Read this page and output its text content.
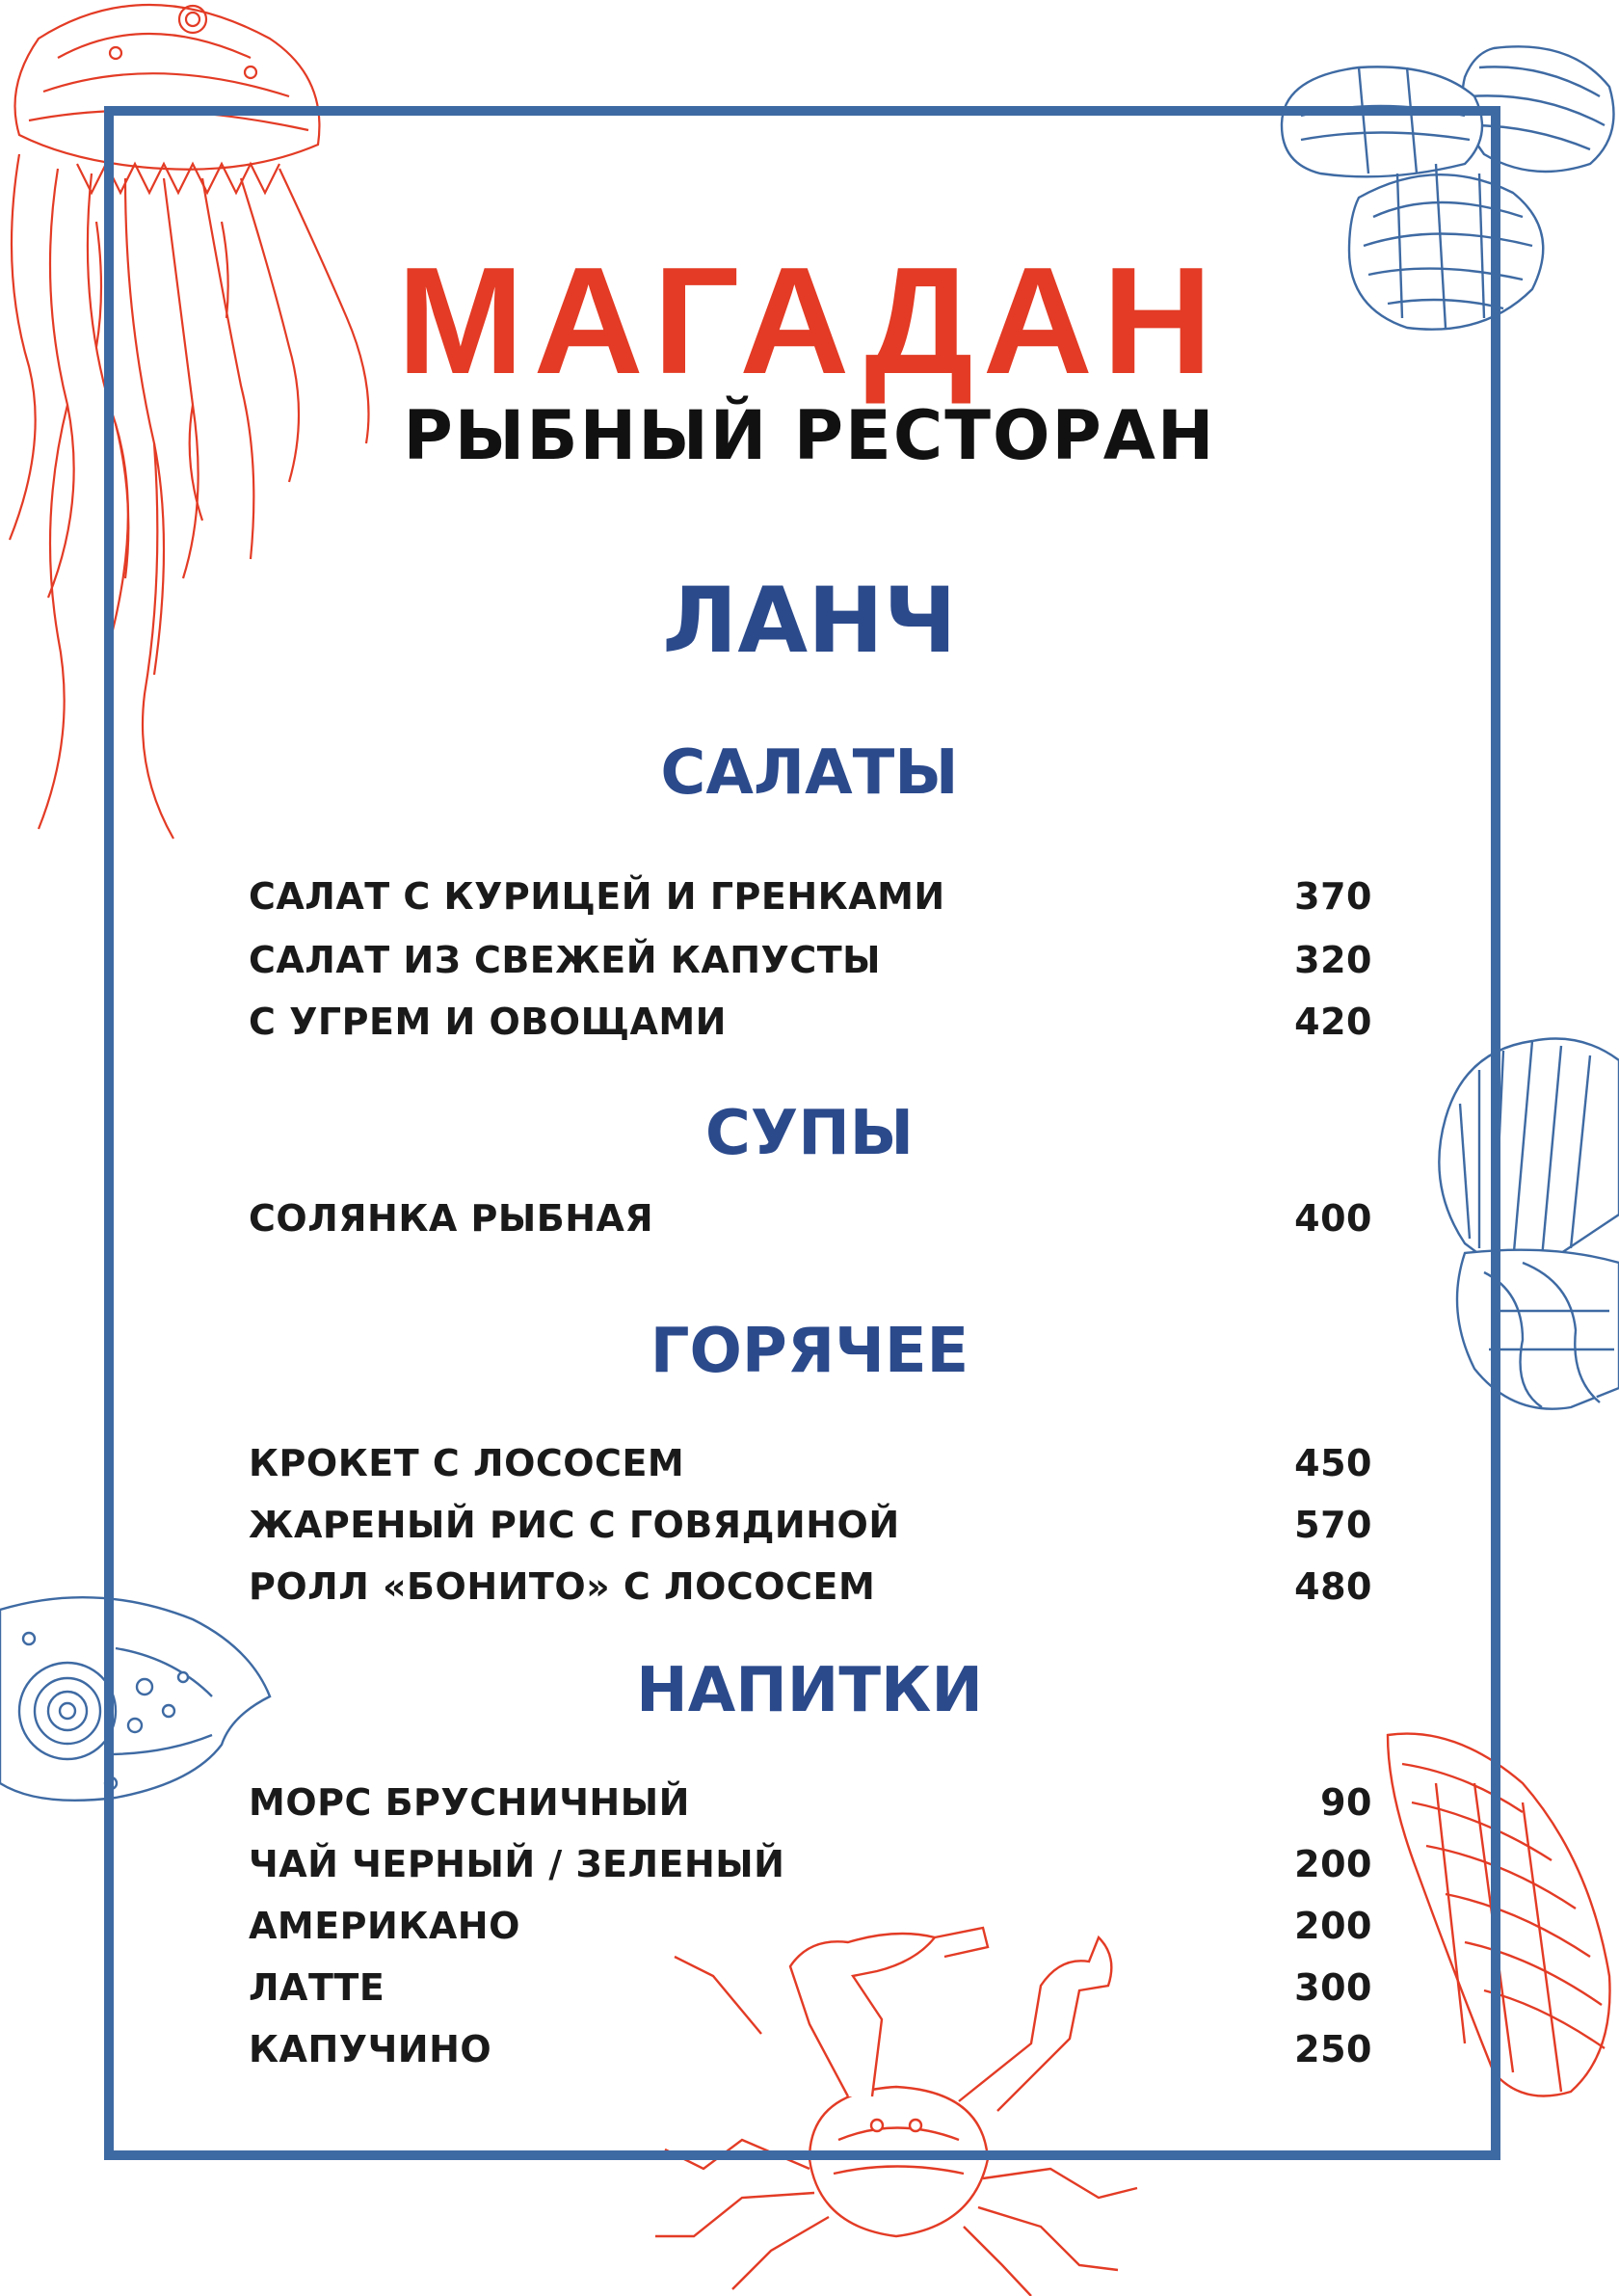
МАГАДАН
РЫБНЫЙ РЕСТОРАН
ЛАНЧ
САЛАТЫ
САЛАТ С КУРИЦЕЙ И ГРЕНКАМИ	370
САЛАТ ИЗ СВЕЖЕЙ КАПУСТЫ	320
С УГРЕМ И ОВОЩАМИ	420
СУПЫ
СОЛЯНКА РЫБНАЯ	400
ГОРЯЧЕЕ
КРОКЕТ С ЛОСОСЕМ	450
ЖАРЕНЫЙ РИС С ГОВЯДИНОЙ	570
РОЛЛ «БОНИТО» С ЛОСОСЕМ	480
НАПИТКИ
МОРС БРУСНИЧНЫЙ	90
ЧАЙ ЧЕРНЫЙ / ЗЕЛЕНЫЙ	200
АМЕРИКАНО	200
ЛАТТЕ	300
КАПУЧИНО	250
